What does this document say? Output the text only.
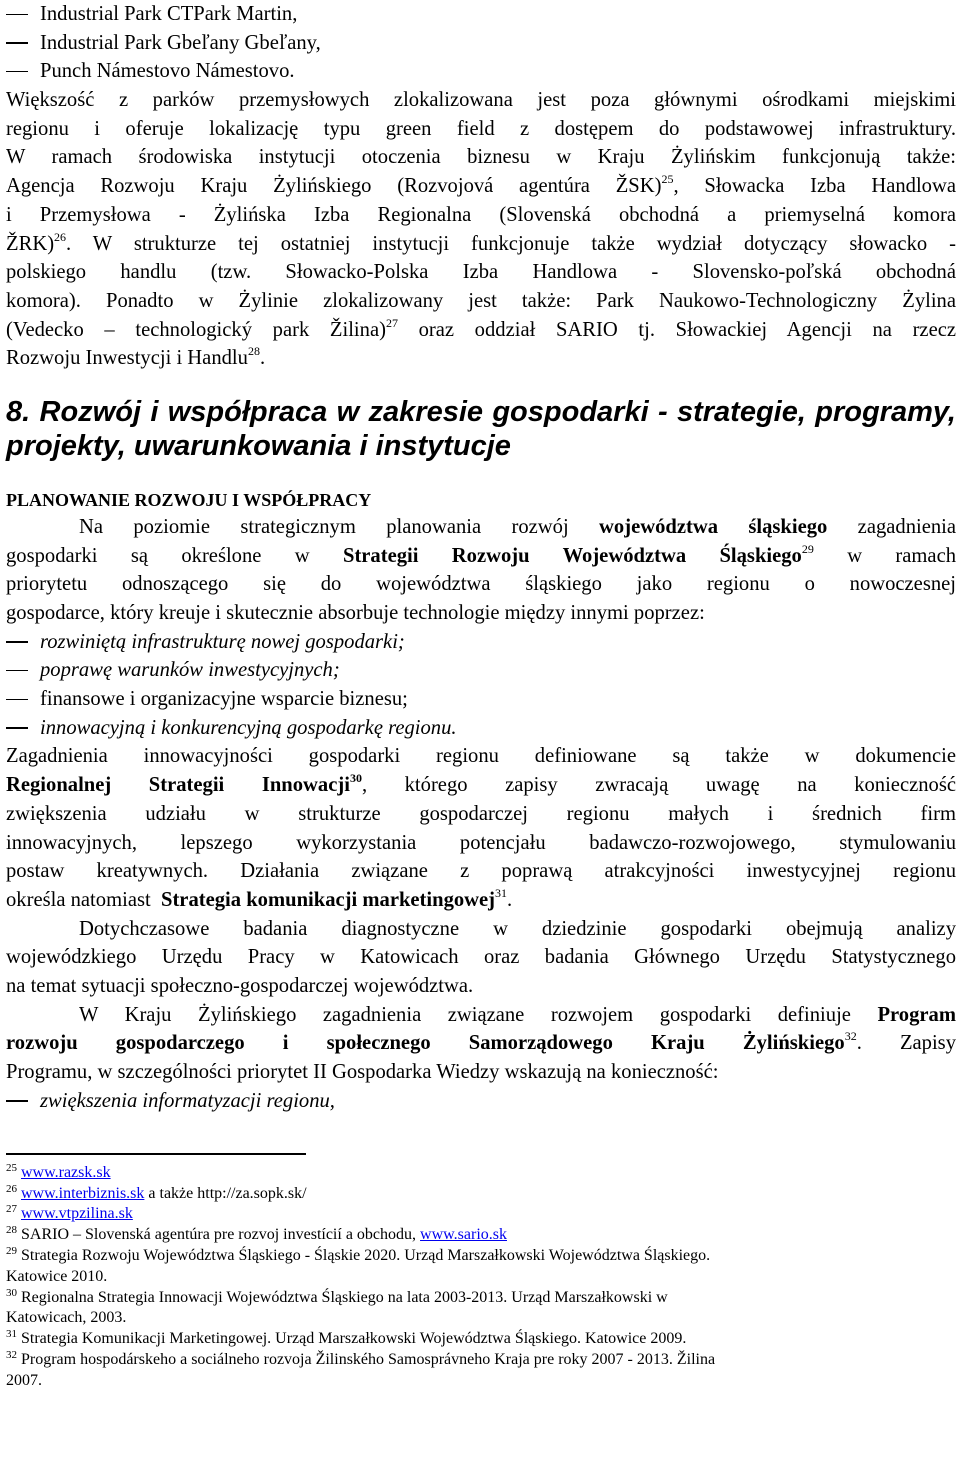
Industrial Park CTPark Martin,
Industrial Park Gbeľany Gbeľany,
Punch Námestovo Námestovo.
Większość z parków przemysłowych zlokalizowana jest poza głównymi ośrodkami miejskimi
regionu i oferuje lokalizację typu green field z dostępem do podstawowej infrastruktury.
W ramach środowiska instytucji otoczenia biznesu w Kraju Żylińskim funkcjonują także:
Agencja Rozwoju Kraju Żylińskiego (Rozvojová agentúra ŽSK)$^{25}$, Słowacka Izba Handlowa
i Przemysłowa - Żylińska Izba Regionalna (Slovenská obchodná a priemyselná komora
ŽRK)$^{26}$. W strukturze tej ostatniej instytucji funkcjonuje także wydział dotyczący słowacko -
polskiego handlu (tzw. Słowacko-Polska Izba Handlowa - Slovensko-poľská obchodná
komora). Ponadto w Żylinie zlokalizowany jest także: Park Naukowo-Technologiczny Żylina
(Vedecko – technologický park Žilina)$^{27}$ oraz oddział SARIO tj. Słowackiej Agencji na rzecz
Rozwoju Inwestycji i Handlu$^{28}$.
8. Rozwój i współpraca w zakresie gospodarki - strategie, programy,
projekty, uwarunkowania i instytucje
PLANOWANIE ROZWOJU I WSPÓŁPRACY
Na poziomie strategicznym planowania rozwój województwa śląskiego zagadnienia
gospodarki są określone w Strategii Rozwoju Województwa Śląskiego$^{29}$ w ramach
priorytetu odnoszącego się do województwa śląskiego jako regionu o nowoczesnej
gospodarce, który kreuje i skutecznie absorbuje technologie między innymi poprzez:
rozwiniętą infrastrukturę nowej gospodarki;
poprawę warunków inwestycyjnych;
finansowe i organizacyjne wsparcie biznesu;
innowacyjną i konkurencyjną gospodarkę regionu.
Zagadnienia innowacyjności gospodarki regionu definiowane są także w dokumencie
Regionalnej Strategii Innowacji$^{30}$, którego zapisy zwracają uwagę na konieczność
zwiększenia udziału w strukturze gospodarczej regionu małych i średnich firm
innowacyjnych, lepszego wykorzystania potencjału badawczo-rozwojowego, stymulowaniu
postaw kreatywnych. Działania związane z poprawą atrakcyjności inwestycyjnej regionu
określa natomiast  Strategia komunikacji marketingowej$^{31}$.
Dotychczasowe badania diagnostyczne w dziedzinie gospodarki obejmują analizy
wojewódzkiego Urzędu Pracy w Katowicach oraz badania Głównego Urzędu Statystycznego
na temat sytuacji społeczno-gospodarczej województwa.
W Kraju Żylińskiego zagadnienia związane rozwojem gospodarki definiuje Program
rozwoju gospodarczego i społecznego Samorządowego Kraju Żylińskiego$^{32}$. Zapisy
Programu, w szczególności priorytet II Gospodarka Wiedzy wskazują na konieczność:
zwiększenia informatyzacji regionu,
$^{25}$ www.razsk.sk
$^{26}$ www.interbiznis.sk a także http://za.sopk.sk/
$^{27}$ www.vtpzilina.sk
$^{28}$ SARIO – Slovenská agentúra pre rozvoj investícií a obchodu, www.sario.sk
$^{29}$ Strategia Rozwoju Województwa Śląskiego - Śląskie 2020. Urząd Marszałkowski Województwa Śląskiego.
Katowice 2010.
$^{30}$ Regionalna Strategia Innowacji Województwa Śląskiego na lata 2003-2013. Urząd Marszałkowski w
Katowicach, 2003.
$^{31}$ Strategia Komunikacji Marketingowej. Urząd Marszałkowski Województwa Śląskiego. Katowice 2009.
$^{32}$ Program hospodárskeho a sociálneho rozvoja Žilinského Samosprávneho Kraja pre roky 2007 - 2013. Žilina
2007.
